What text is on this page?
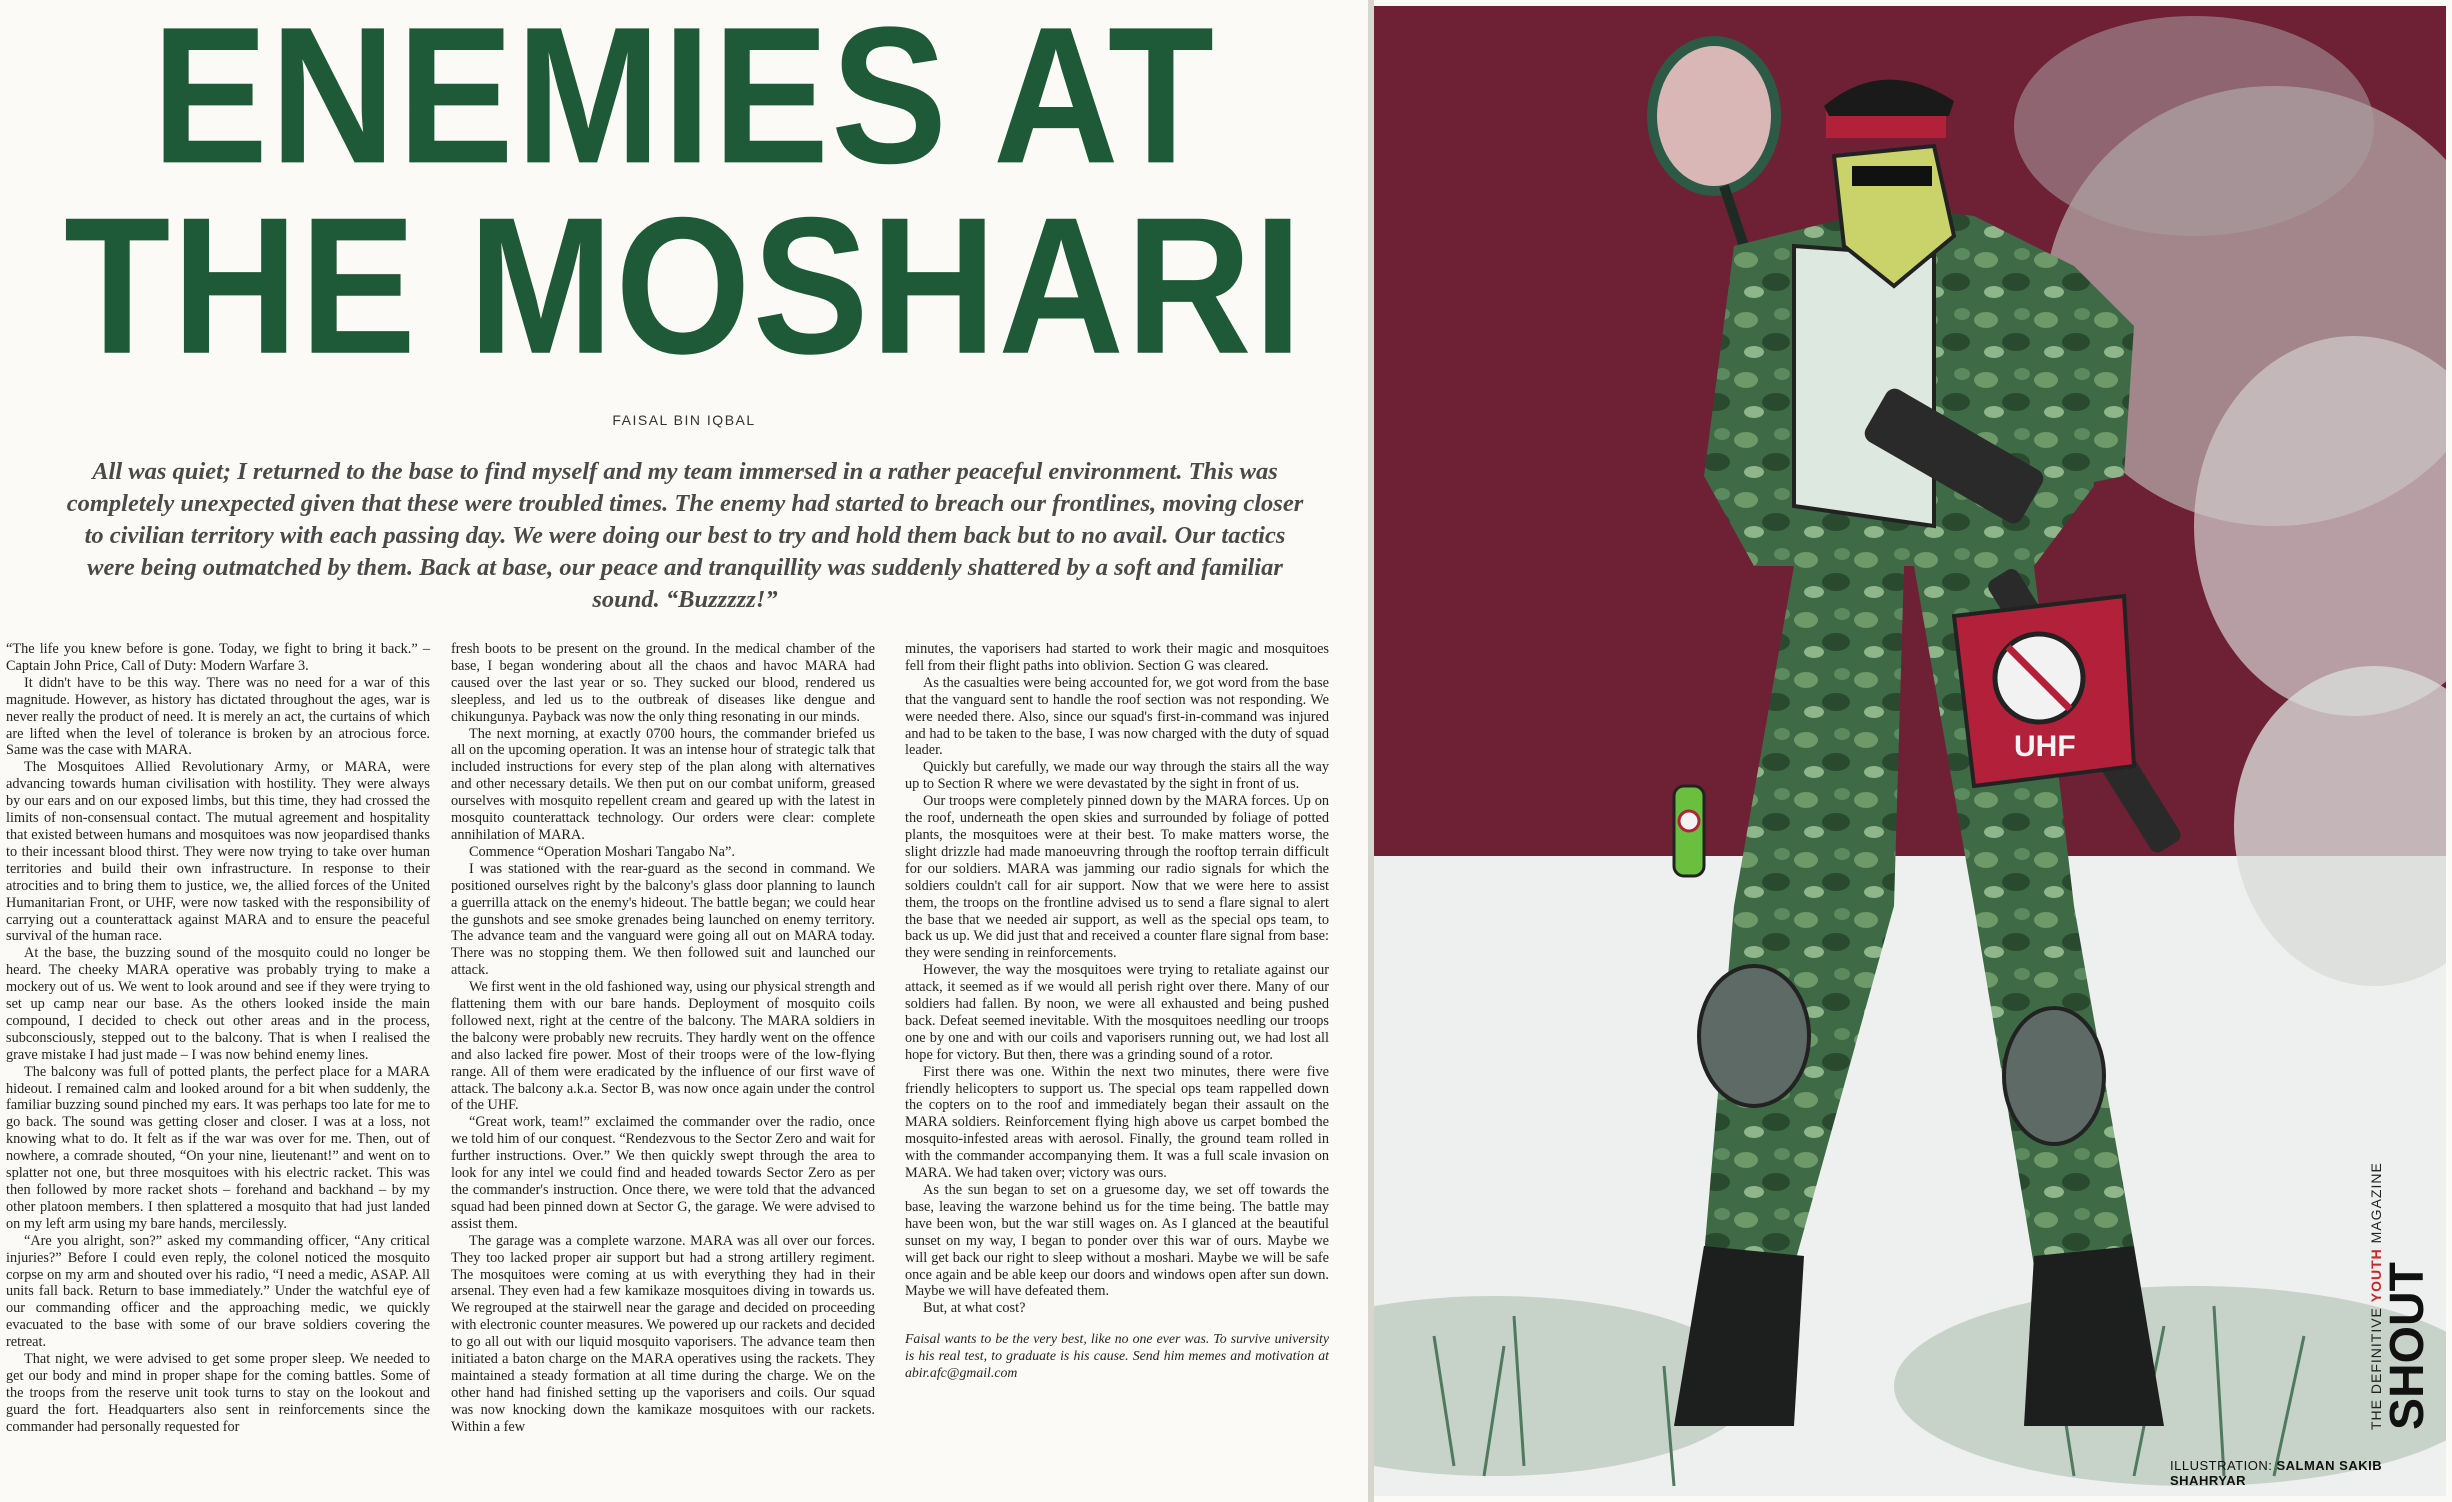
ENEMIES AT
THE MOSHARI
FAISAL BIN IQBAL
All was quiet; I returned to the base to find myself and my team immersed in a rather peaceful environment. This was completely unexpected given that these were troubled times. The enemy had started to breach our frontlines, moving closer to civilian territory with each passing day. We were doing our best to try and hold them back but to no avail. Our tactics were being outmatched by them. Back at base, our peace and tranquillity was suddenly shattered by a soft and familiar sound. “Buzzzzz!”

“The life you knew before is gone. Today, we fight to bring it back.” – Captain John Price, Call of Duty: Modern Warfare 3.

It didn't have to be this way. There was no need for a war of this magnitude. However, as history has dictated throughout the ages, war is never really the product of need. It is merely an act, the curtains of which are lifted when the level of tolerance is broken by an atrocious force. Same was the case with MARA.

The Mosquitoes Allied Revolutionary Army, or MARA, were advancing towards human civilisation with hostility. They were always by our ears and on our exposed limbs, but this time, they had crossed the limits of non-consensual contact. The mutual agreement and hospitality that existed between humans and mosquitoes was now jeopardised thanks to their incessant blood thirst. They were now trying to take over human territories and build their own infrastructure. In response to their atrocities and to bring them to justice, we, the allied forces of the United Humanitarian Front, or UHF, were now tasked with the responsibility of carrying out a counterattack against MARA and to ensure the peaceful survival of the human race.

At the base, the buzzing sound of the mosquito could no longer be heard. The cheeky MARA operative was probably trying to make a mockery out of us. We went to look around and see if they were trying to set up camp near our base. As the others looked inside the main compound, I decided to check out other areas and in the process, subconsciously, stepped out to the balcony. That is when I realised the grave mistake I had just made – I was now behind enemy lines.

The balcony was full of potted plants, the perfect place for a MARA hideout. I remained calm and looked around for a bit when suddenly, the familiar buzzing sound pinched my ears. It was perhaps too late for me to go back. The sound was getting closer and closer. I was at a loss, not knowing what to do. It felt as if the war was over for me. Then, out of nowhere, a comrade shouted, “On your nine, lieutenant!” and went on to splatter not one, but three mosquitoes with his electric racket. This was then followed by more racket shots – forehand and backhand – by my other platoon members. I then splattered a mosquito that had just landed on my left arm using my bare hands, mercilessly.

“Are you alright, son?” asked my commanding officer, “Any critical injuries?” Before I could even reply, the colonel noticed the mosquito corpse on my arm and shouted over his radio, “I need a medic, ASAP. All units fall back. Return to base immediately.” Under the watchful eye of our commanding officer and the approaching medic, we quickly evacuated to the base with some of our brave soldiers covering the retreat.

That night, we were advised to get some proper sleep. We needed to get our body and mind in proper shape for the coming battles. Some of the troops from the reserve unit took turns to stay on the lookout and guard the fort. Headquarters also sent in reinforcements since the commander had personally requested for

fresh boots to be present on the ground. In the medical chamber of the base, I began wondering about all the chaos and havoc MARA had caused over the last year or so. They sucked our blood, rendered us sleepless, and led us to the outbreak of diseases like dengue and chikungunya. Payback was now the only thing resonating in our minds.

The next morning, at exactly 0700 hours, the commander briefed us all on the upcoming operation. It was an intense hour of strategic talk that included instructions for every step of the plan along with alternatives and other necessary details. We then put on our combat uniform, greased ourselves with mosquito repellent cream and geared up with the latest in mosquito counterattack technology. Our orders were clear: complete annihilation of MARA.

Commence “Operation Moshari Tangabo Na”.

I was stationed with the rear-guard as the second in command. We positioned ourselves right by the balcony's glass door planning to launch a guerrilla attack on the enemy's hideout. The battle began; we could hear the gunshots and see smoke grenades being launched on enemy territory. The advance team and the vanguard were going all out on MARA today. There was no stopping them. We then followed suit and launched our attack.

We first went in the old fashioned way, using our physical strength and flattening them with our bare hands. Deployment of mosquito coils followed next, right at the centre of the balcony. The MARA soldiers in the balcony were probably new recruits. They hardly went on the offence and also lacked fire power. Most of their troops were of the low-flying range. All of them were eradicated by the influence of our first wave of attack. The balcony a.k.a. Sector B, was now once again under the control of the UHF.

“Great work, team!” exclaimed the commander over the radio, once we told him of our conquest. “Rendezvous to the Sector Zero and wait for further instructions. Over.” We then quickly swept through the area to look for any intel we could find and headed towards Sector Zero as per the commander's instruction. Once there, we were told that the advanced squad had been pinned down at Sector G, the garage. We were advised to assist them.

The garage was a complete warzone. MARA was all over our forces. They too lacked proper air support but had a strong artillery regiment. The mosquitoes were coming at us with everything they had in their arsenal. They even had a few kamikaze mosquitoes diving in towards us. We regrouped at the stairwell near the garage and decided on proceeding with electronic counter measures. We powered up our rackets and decided to go all out with our liquid mosquito vaporisers. The advance team then initiated a baton charge on the MARA operatives using the rackets. They maintained a steady formation at all time during the charge. We on the other hand had finished setting up the vaporisers and coils. Our squad was now knocking down the kamikaze mosquitoes with our rackets. Within a few

minutes, the vaporisers had started to work their magic and mosquitoes fell from their flight paths into oblivion. Section G was cleared.

As the casualties were being accounted for, we got word from the base that the vanguard sent to handle the roof section was not responding. We were needed there. Also, since our squad's first-in-command was injured and had to be taken to the base, I was now charged with the duty of squad leader.

Quickly but carefully, we made our way through the stairs all the way up to Section R where we were devastated by the sight in front of us.

Our troops were completely pinned down by the MARA forces. Up on the roof, underneath the open skies and surrounded by foliage of potted plants, the mosquitoes were at their best. To make matters worse, the slight drizzle had made manoeuvring through the rooftop terrain difficult for our soldiers. MARA was jamming our radio signals for which the soldiers couldn't call for air support. Now that we were here to assist them, the troops on the frontline advised us to send a flare signal to alert the base that we needed air support, as well as the special ops team, to back us up. We did just that and received a counter flare signal from base: they were sending in reinforcements.

However, the way the mosquitoes were trying to retaliate against our attack, it seemed as if we would all perish right over there. Many of our soldiers had fallen. By noon, we were all exhausted and being pushed back. Defeat seemed inevitable. With the mosquitoes needling our troops one by one and with our coils and vaporisers running out, we had lost all hope for victory. But then, there was a grinding sound of a rotor.

First there was one. Within the next two minutes, there were five friendly helicopters to support us. The special ops team rappelled down the copters on to the roof and immediately began their assault on the MARA soldiers. Reinforcement flying high above us carpet bombed the mosquito-infested areas with aerosol. Finally, the ground team rolled in with the commander accompanying them. It was a full scale invasion on MARA. We had taken over; victory was ours.

As the sun began to set on a gruesome day, we set off towards the base, leaving the warzone behind us for the time being. The battle may have been won, but the war still wages on. As I glanced at the beautiful sunset on my way, I began to ponder over this war of ours. Maybe we will get back our right to sleep without a moshari. Maybe we will be safe once again and be able keep our doors and windows open after sun down. Maybe we will have defeated them.

But, at what cost?

Faisal wants to be the very best, like no one ever was. To survive university is his real test, to graduate is his cause. Send him memes and motivation at abir.afc@gmail.com

UHF
THE DEFINITIVE YOUTH MAGAZINE
SHOUT
ILLUSTRATION: SALMAN SAKIB SHAHRYAR
